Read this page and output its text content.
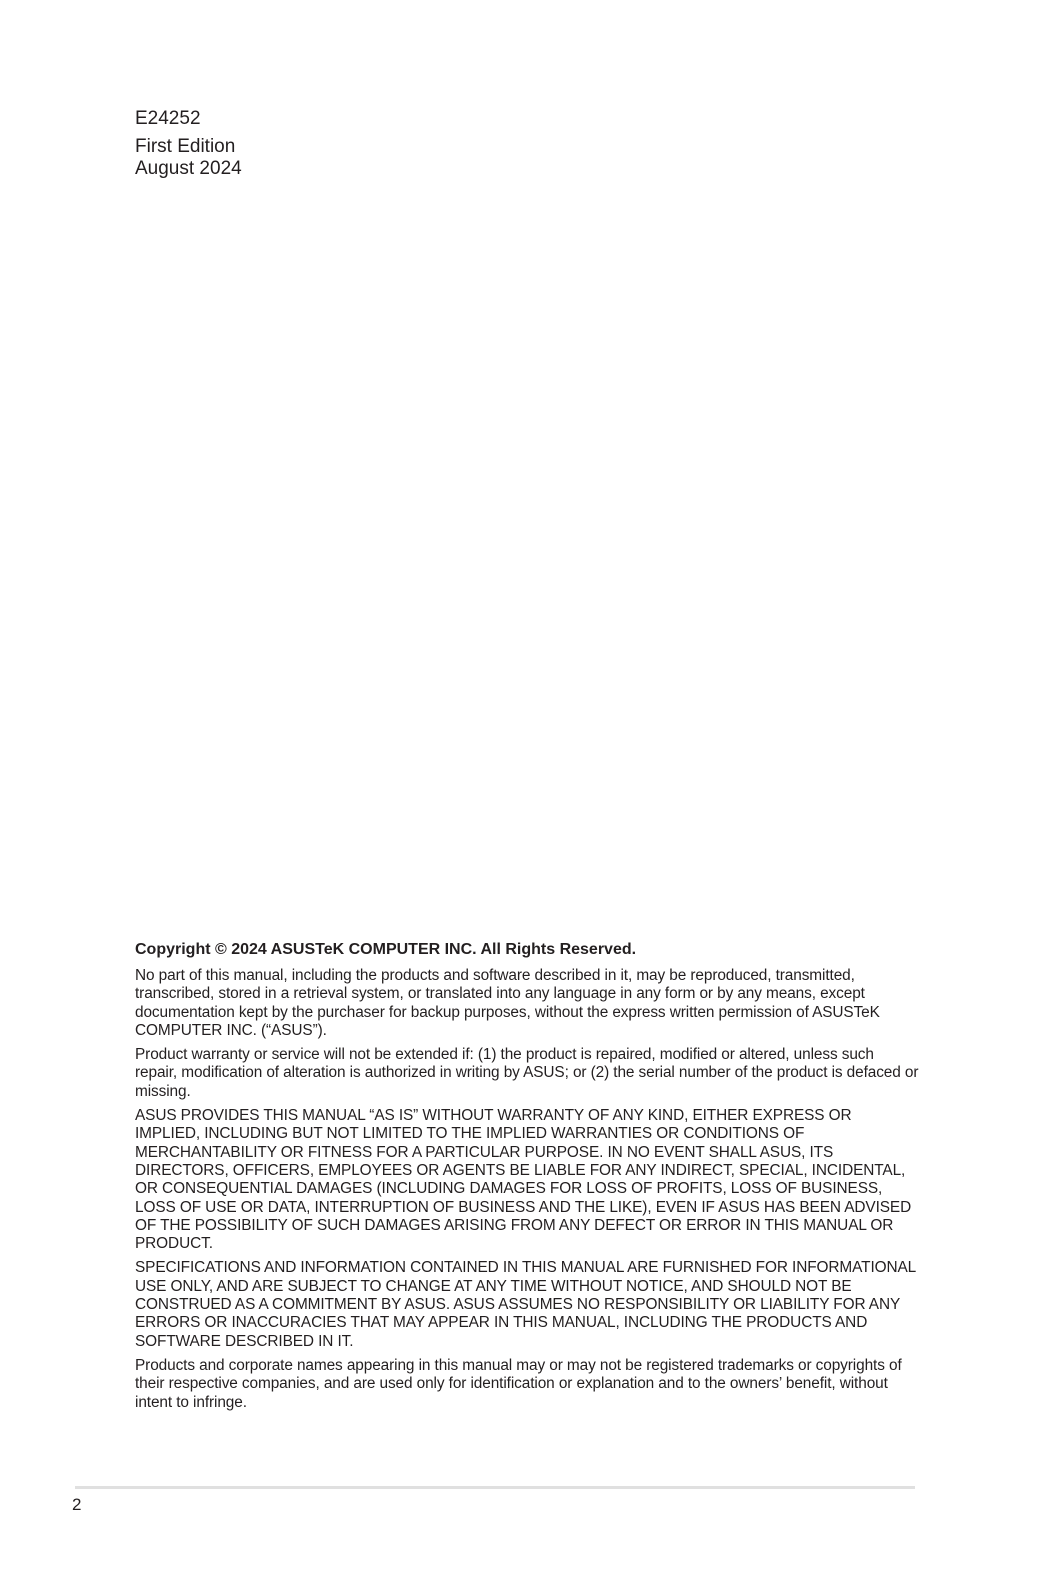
E24252

First Edition

August 2024

Copyright © 2024 ASUSTeK COMPUTER INC. All Rights Reserved.

No part of this manual, including the products and software described in it, may be reproduced, transmitted, transcribed, stored in a retrieval system, or translated into any language in any form or by any means, except documentation kept by the purchaser for backup purposes, without the express written permission of ASUSTeK COMPUTER INC. (“ASUS”).

Product warranty or service will not be extended if: (1) the product is repaired, modified or altered, unless such repair, modification of alteration is authorized in writing by ASUS; or (2) the serial number of the product is defaced or missing.

ASUS PROVIDES THIS MANUAL “AS IS” WITHOUT WARRANTY OF ANY KIND, EITHER EXPRESS OR IMPLIED, INCLUDING BUT NOT LIMITED TO THE IMPLIED WARRANTIES OR CONDITIONS OF MERCHANTABILITY OR FITNESS FOR A PARTICULAR PURPOSE. IN NO EVENT SHALL ASUS, ITS DIRECTORS, OFFICERS, EMPLOYEES OR AGENTS BE LIABLE FOR ANY INDIRECT, SPECIAL, INCIDENTAL, OR CONSEQUENTIAL DAMAGES (INCLUDING DAMAGES FOR LOSS OF PROFITS, LOSS OF BUSINESS, LOSS OF USE OR DATA, INTERRUPTION OF BUSINESS AND THE LIKE), EVEN IF ASUS HAS BEEN ADVISED OF THE POSSIBILITY OF SUCH DAMAGES ARISING FROM ANY DEFECT OR ERROR IN THIS MANUAL OR PRODUCT.

SPECIFICATIONS AND INFORMATION CONTAINED IN THIS MANUAL ARE FURNISHED FOR INFORMATIONAL USE ONLY, AND ARE SUBJECT TO CHANGE AT ANY TIME WITHOUT NOTICE, AND SHOULD NOT BE CONSTRUED AS A COMMITMENT BY ASUS. ASUS ASSUMES NO RESPONSIBILITY OR LIABILITY FOR ANY ERRORS OR INACCURACIES THAT MAY APPEAR IN THIS MANUAL, INCLUDING THE PRODUCTS AND SOFTWARE DESCRIBED IN IT.

Products and corporate names appearing in this manual may or may not be registered trademarks or copyrights of their respective companies, and are used only for identification or explanation and to the owners’ benefit, without intent to infringe.

2
